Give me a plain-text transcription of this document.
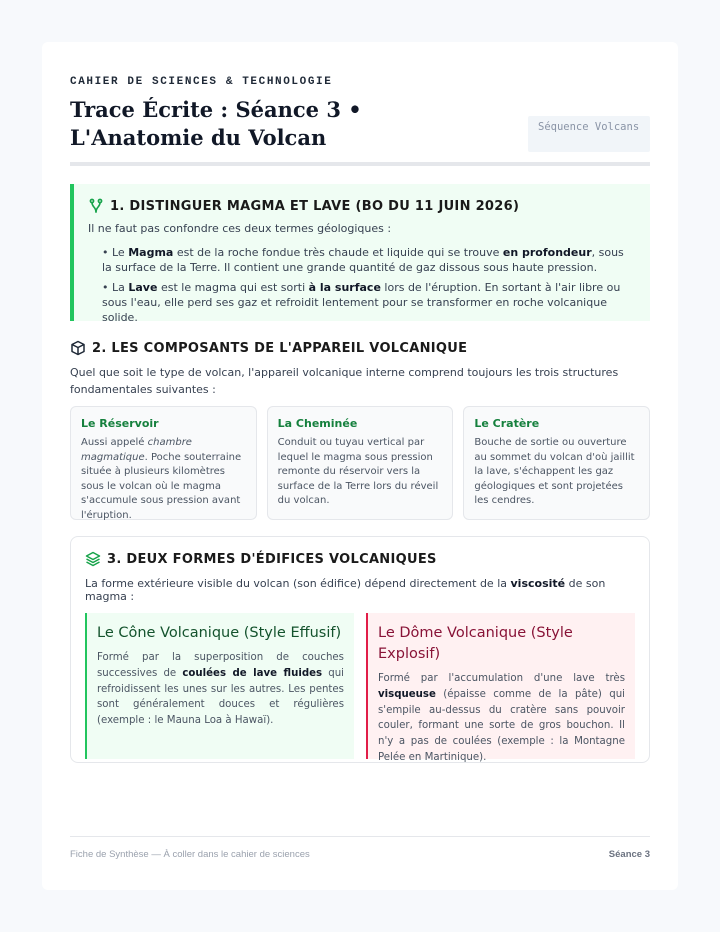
CAHIER DE SCIENCES & TECHNOLOGIE
Trace Écrite : Séance 3 • L'Anatomie du Volcan	Séquence Volcans
1. DISTINGUER MAGMA ET LAVE (BO DU 11 JUIN 2026)

Il ne faut pas confondre ces deux termes géologiques :

• Le Magma est de la roche fondue très chaude et liquide qui se trouve en profondeur, sous la surface de la Terre. Il contient une grande quantité de gaz dissous sous haute pression.
• La Lave est le magma qui est sorti à la surface lors de l'éruption. En sortant à l'air libre ou sous l'eau, elle perd ses gaz et refroidit lentement pour se transformer en roche volcanique solide.
2. LES COMPOSANTS DE L'APPAREIL VOLCANIQUE

Quel que soit le type de volcan, l'appareil volcanique interne comprend toujours les trois structures fondamentales suivantes :

Le Réservoir

Aussi appelé chambre magmatique. Poche souterraine située à plusieurs kilomètres sous le volcan où le magma s'accumule sous pression avant l'éruption.

La Cheminée

Conduit ou tuyau vertical par lequel le magma sous pression remonte du réservoir vers la surface de la Terre lors du réveil du volcan.

Le Cratère

Bouche de sortie ou ouverture au sommet du volcan d'où jaillit la lave, s'échappent les gaz géologiques et sont projetées les cendres.

3. DEUX FORMES D'ÉDIFICES VOLCANIQUES

La forme extérieure visible du volcan (son édifice) dépend directement de la viscosité de son magma :

Le Cône Volcanique (Style Effusif)

Formé par la superposition de couches successives de coulées de lave fluides qui refroidissent les unes sur les autres. Les pentes sont généralement douces et régulières (exemple : le Mauna Loa à Hawaï).

Le Dôme Volcanique (Style Explosif)

Formé par l'accumulation d'une lave très visqueuse (épaisse comme de la pâte) qui s'empile au-dessus du cratère sans pouvoir couler, formant une sorte de gros bouchon. Il n'y a pas de coulées (exemple : la Montagne Pelée en Martinique).

Fiche de Synthèse — À coller dans le cahier de sciences	Séance 3
